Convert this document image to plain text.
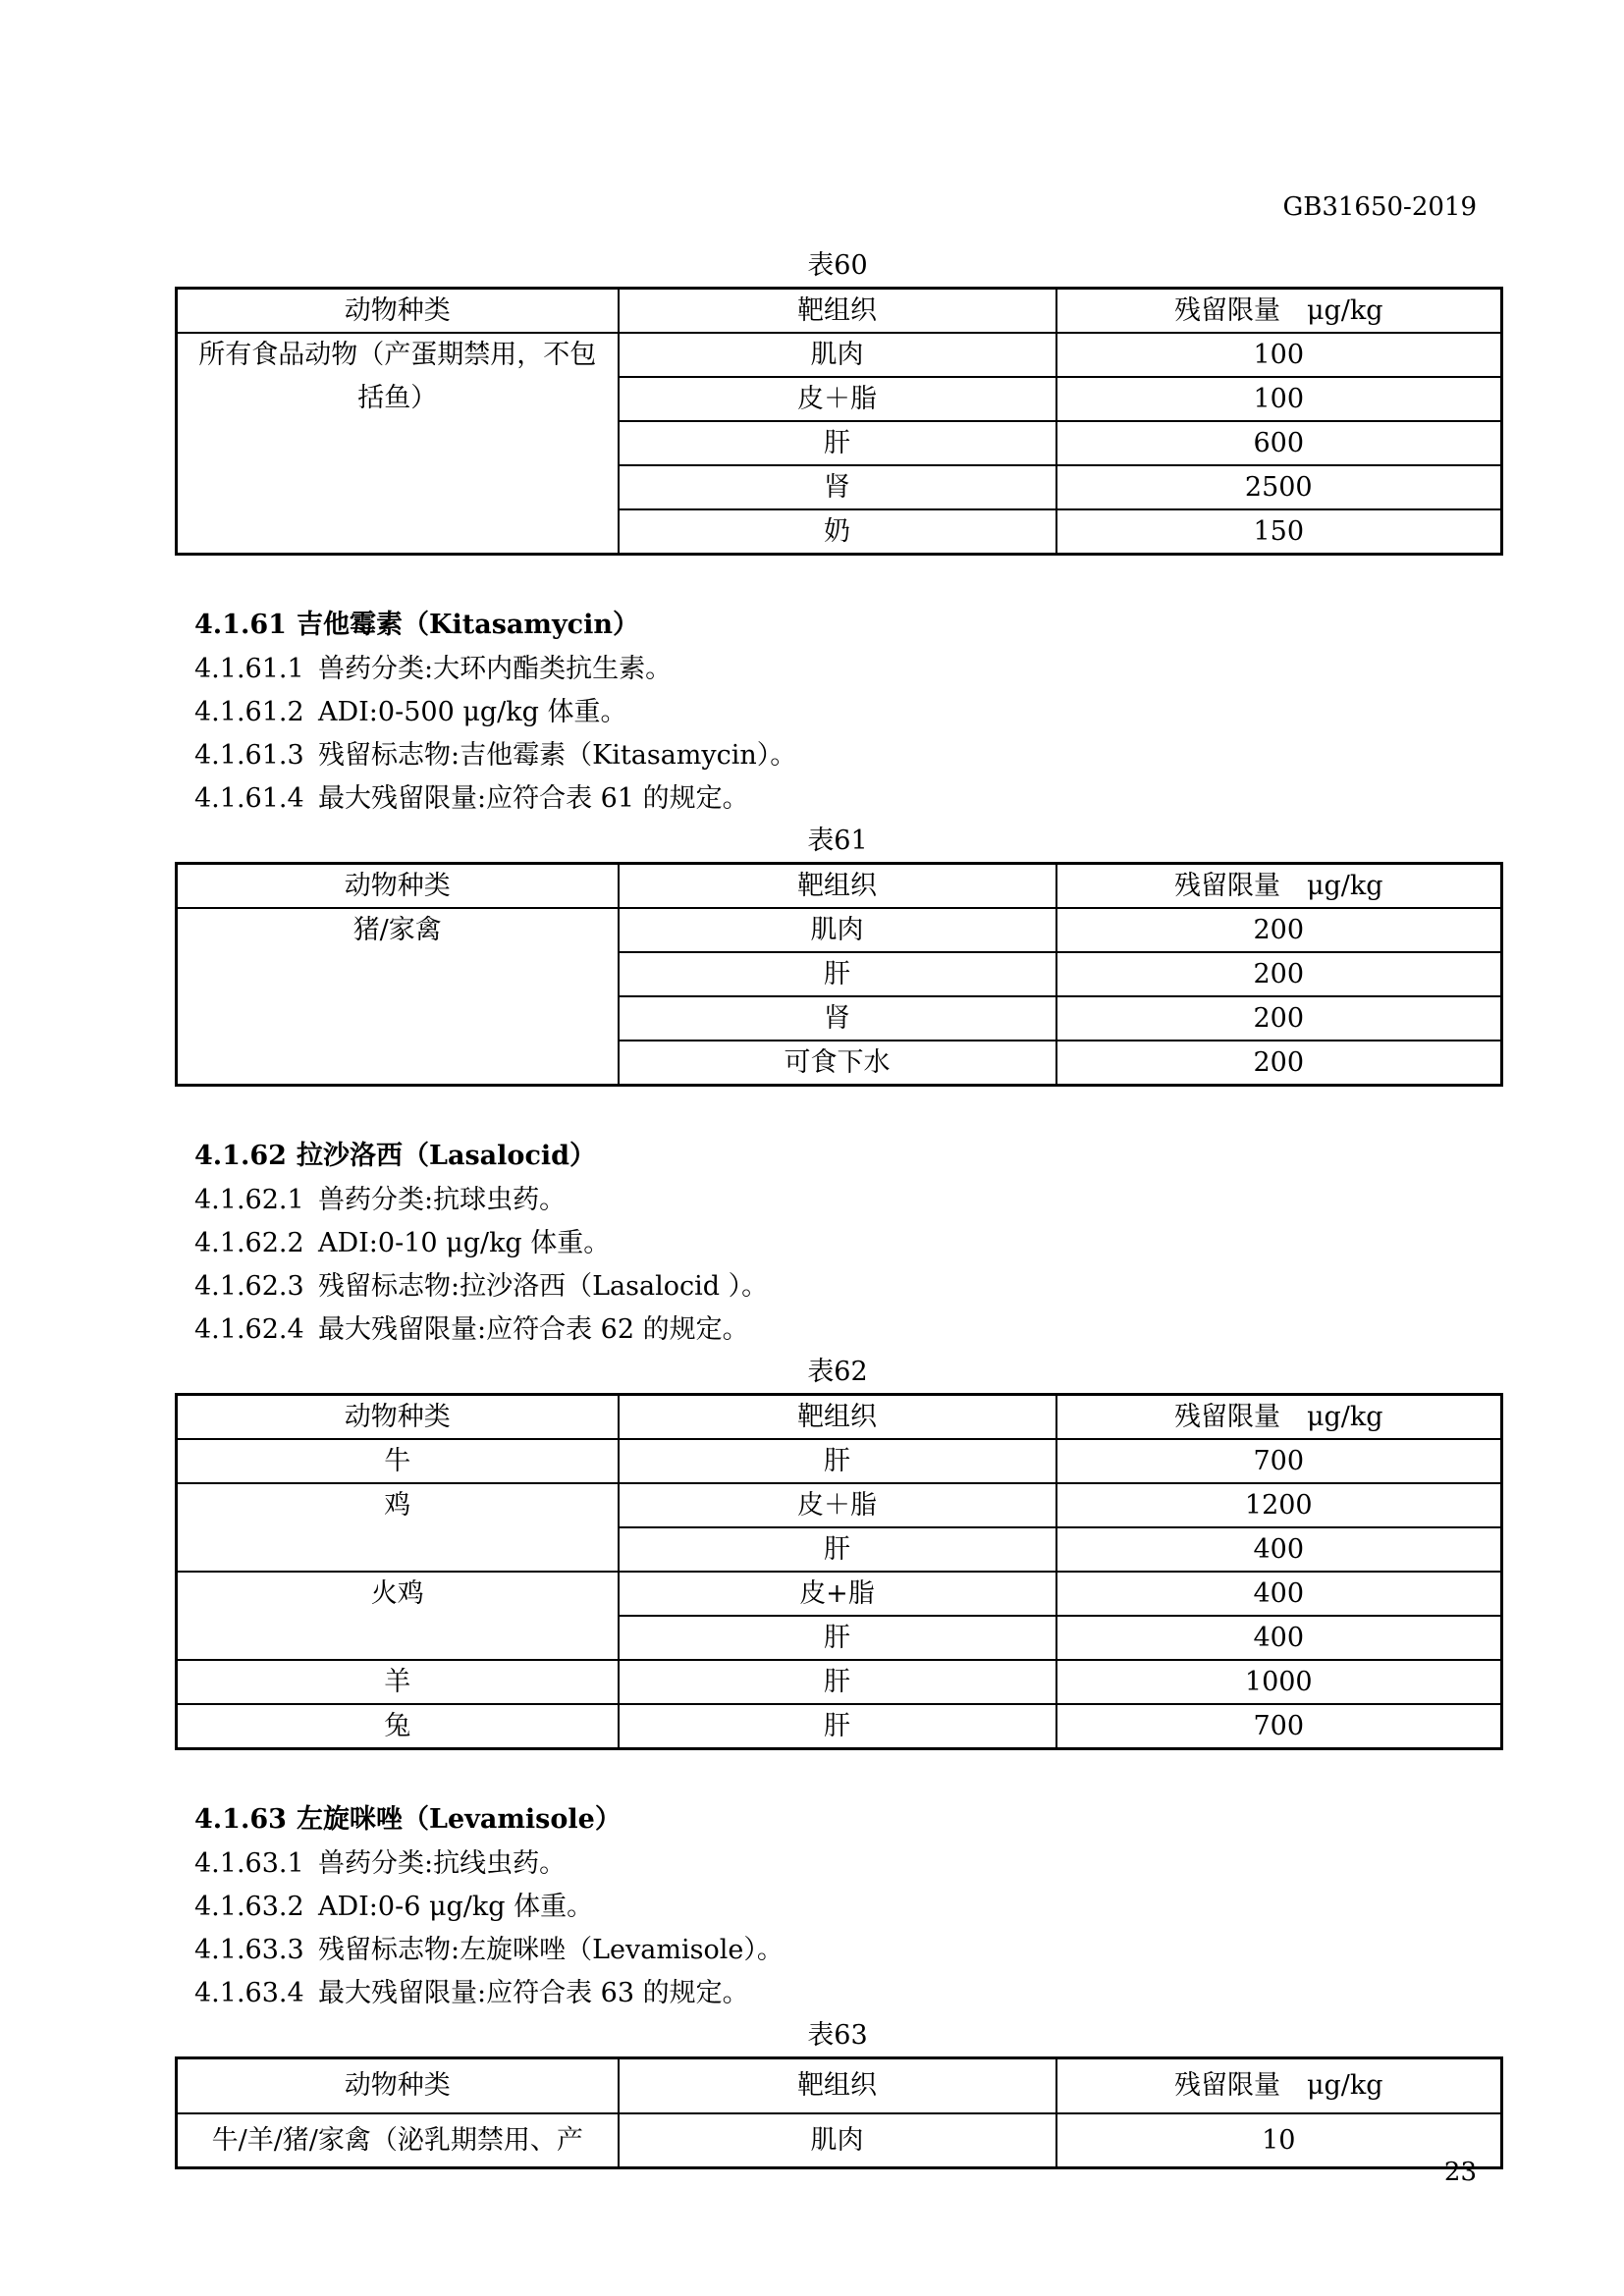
GB31650-2019
表60
动物种类	靶组织	残留限量　μg/kg
所有食品动物（产蛋期禁用，不包括鱼）	肌肉	100
	皮＋脂	100
	肝	600
	肾	2500
	奶	150
4.1.61 吉他霉素（Kitasamycin）
4.1.61.1 兽药分类:大环内酯类抗生素。
4.1.61.2 ADI:0-500 μg/kg 体重。
4.1.61.3 残留标志物:吉他霉素（Kitasamycin）。
4.1.61.4 最大残留限量:应符合表 61 的规定。
表61
动物种类	靶组织	残留限量　μg/kg
猪/家禽	肌肉	200
	肝	200
	肾	200
	可食下水	200
4.1.62 拉沙洛西（Lasalocid）
4.1.62.1 兽药分类:抗球虫药。
4.1.62.2 ADI:0-10 μg/kg 体重。
4.1.62.3 残留标志物:拉沙洛西（Lasalocid ）。
4.1.62.4 最大残留限量:应符合表 62 的规定。
表62
动物种类	靶组织	残留限量　μg/kg
牛	肝	700
鸡	皮＋脂	1200
	肝	400
火鸡	皮+脂	400
	肝	400
羊	肝	1000
兔	肝	700
4.1.63 左旋咪唑（Levamisole）
4.1.63.1 兽药分类:抗线虫药。
4.1.63.2 ADI:0-6 μg/kg 体重。
4.1.63.3 残留标志物:左旋咪唑（Levamisole）。
4.1.63.4 最大残留限量:应符合表 63 的规定。
表63
动物种类	靶组织	残留限量　μg/kg
牛/羊/猪/家禽（泌乳期禁用、产	肌肉	10
23
